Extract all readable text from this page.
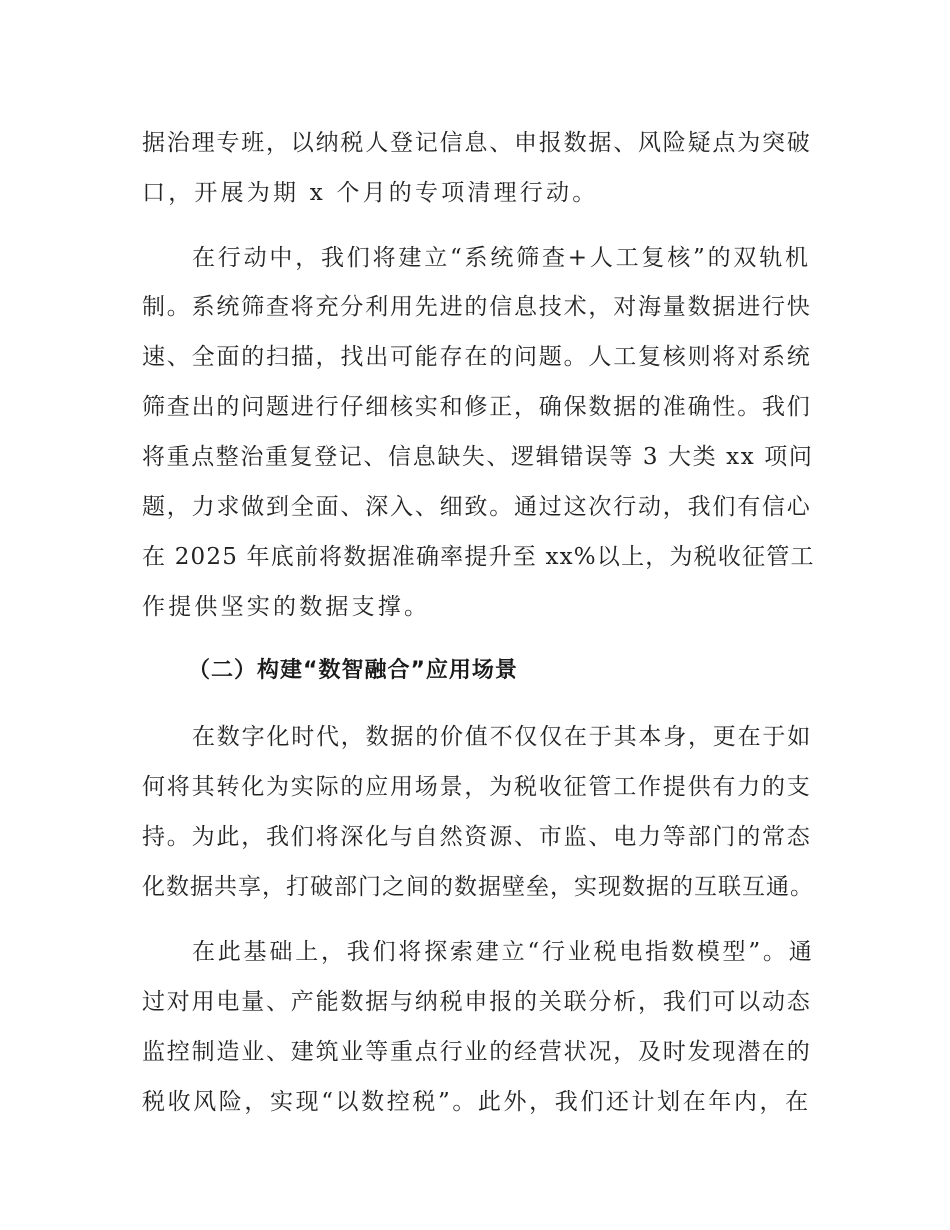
据治理专班，以纳税人登记信息、申报数据、风险疑点为突破
口，开展为期 x 个月的专项清理行动。
在行动中，我们将建立“系统筛查+人工复核”的双轨机
制。系统筛查将充分利用先进的信息技术，对海量数据进行快
速、全面的扫描，找出可能存在的问题。人工复核则将对系统
筛查出的问题进行仔细核实和修正，确保数据的准确性。我们
将重点整治重复登记、信息缺失、逻辑错误等 3 大类 xx 项问
题，力求做到全面、深入、细致。通过这次行动，我们有信心
在 2025 年底前将数据准确率提升至 xx%以上，为税收征管工
作提供坚实的数据支撑。
（二）构建“数智融合”应用场景
在数字化时代，数据的价值不仅仅在于其本身，更在于如
何将其转化为实际的应用场景，为税收征管工作提供有力的支
持。为此，我们将深化与自然资源、市监、电力等部门的常态
化数据共享，打破部门之间的数据壁垒，实现数据的互联互通。
在此基础上，我们将探索建立“行业税电指数模型”。通
过对用电量、产能数据与纳税申报的关联分析，我们可以动态
监控制造业、建筑业等重点行业的经营状况，及时发现潜在的
税收风险，实现“以数控税”。此外，我们还计划在年内，在
